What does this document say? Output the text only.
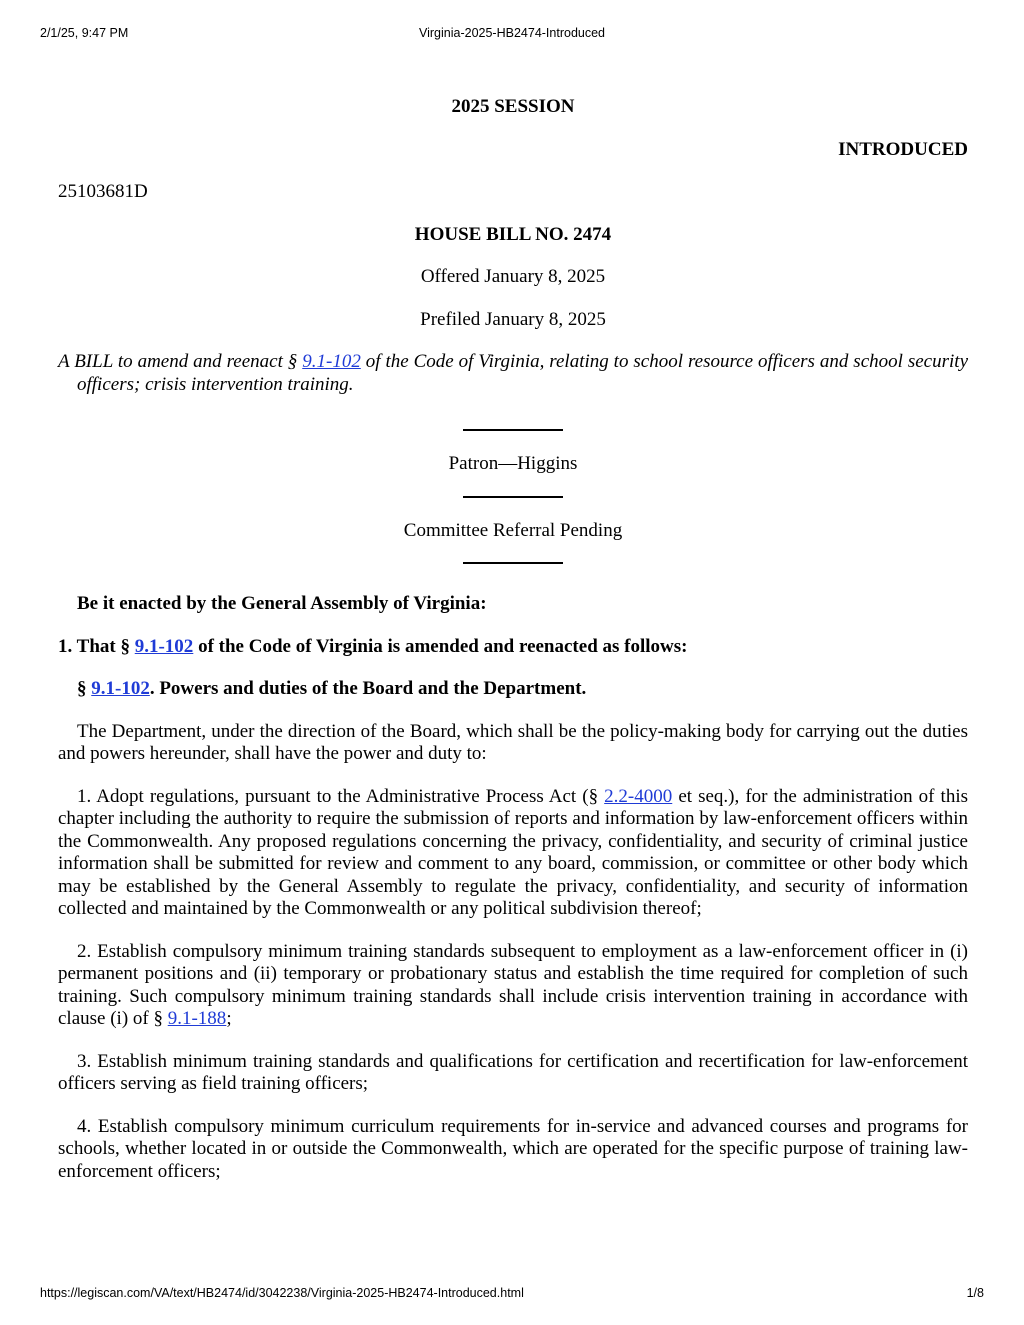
2/1/25, 9:47 PM	Virginia-2025-HB2474-Introduced

2025 SESSION

INTRODUCED

25103681D

HOUSE BILL NO. 2474

Offered January 8, 2025

Prefiled January 8, 2025

A BILL to amend and reenact § 9.1-102 of the Code of Virginia, relating to school resource officers and school security officers; crisis intervention training.

Patron—Higgins

Committee Referral Pending

Be it enacted by the General Assembly of Virginia:

1. That § 9.1-102 of the Code of Virginia is amended and reenacted as follows:

§ 9.1-102. Powers and duties of the Board and the Department.

The Department, under the direction of the Board, which shall be the policy-making body for carrying out the duties and powers hereunder, shall have the power and duty to:

1. Adopt regulations, pursuant to the Administrative Process Act (§ 2.2-4000 et seq.), for the administration of this chapter including the authority to require the submission of reports and information by law-enforcement officers within the Commonwealth. Any proposed regulations concerning the privacy, confidentiality, and security of criminal justice information shall be submitted for review and comment to any board, commission, or committee or other body which may be established by the General Assembly to regulate the privacy, confidentiality, and security of information collected and maintained by the Commonwealth or any political subdivision thereof;

2. Establish compulsory minimum training standards subsequent to employment as a law-enforcement officer in (i) permanent positions and (ii) temporary or probationary status and establish the time required for completion of such training. Such compulsory minimum training standards shall include crisis intervention training in accordance with clause (i) of § 9.1-188;

3. Establish minimum training standards and qualifications for certification and recertification for law-enforcement officers serving as field training officers;

4. Establish compulsory minimum curriculum requirements for in-service and advanced courses and programs for schools, whether located in or outside the Commonwealth, which are operated for the specific purpose of training law-enforcement officers;

https://legiscan.com/VA/text/HB2474/id/3042238/Virginia-2025-HB2474-Introduced.html	1/8
